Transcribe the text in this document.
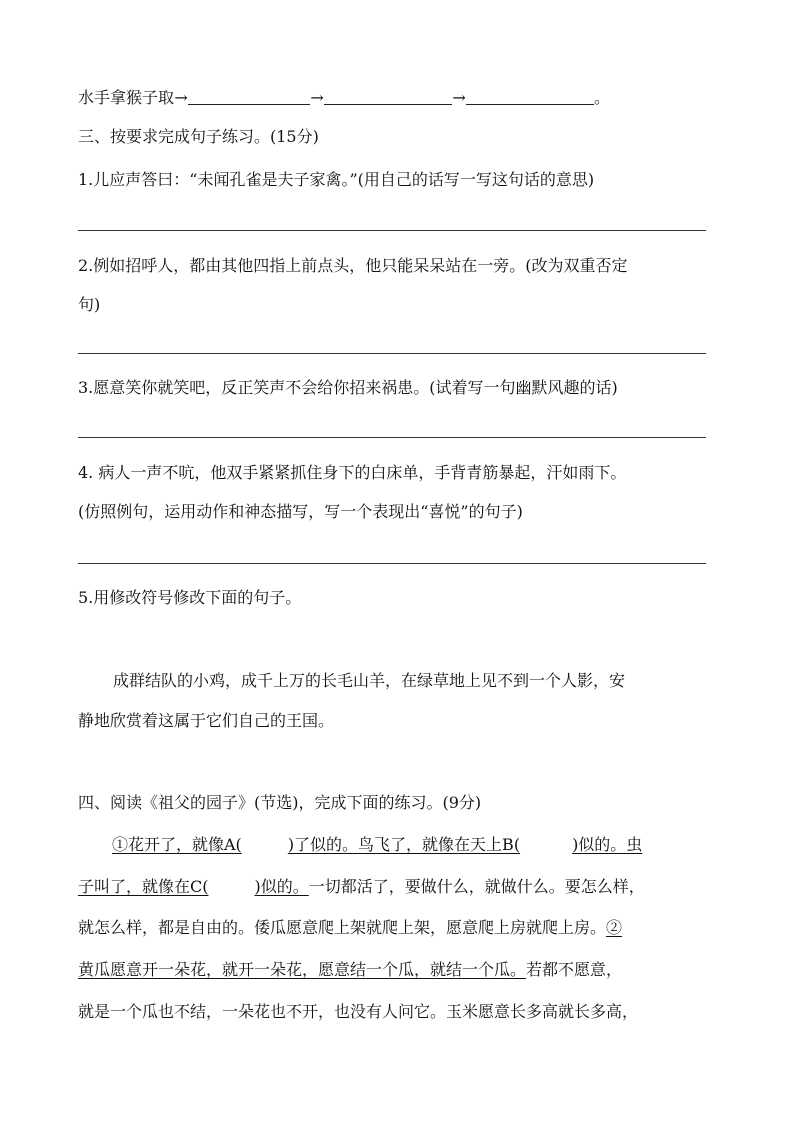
水手拿猴子取→	→	→	。
三、按要求完成句子练习。(15分)
1.儿应声答曰：“未闻孔雀是夫子家禽。”(用自己的话写一写这句话的意思)
2.例如招呼人，都由其他四指上前点头，他只能呆呆站在一旁。(改为双重否定
句)
3.愿意笑你就笑吧，反正笑声不会给你招来祸患。(试着写一句幽默风趣的话)
4. 病人一声不吭，他双手紧紧抓住身下的白床单，手背青筋暴起，汗如雨下。
(仿照例句，运用动作和神态描写，写一个表现出“喜悦”的句子)
5.用修改符号修改下面的句子。
成群结队的小鸡，成千上万的长毛山羊，在绿草地上见不到一个人影，安
静地欣赏着这属于它们自己的王国。
四、阅读《祖父的园子》(节选)，完成下面的练习。(9分)
①花开了，就像A(	)了似的。鸟飞了，就像在天上B(	)似的。虫
子叫了，就像在C(	)似的。一切都活了，要做什么，就做什么。要怎么样，
就怎么样，都是自由的。倭瓜愿意爬上架就爬上架，愿意爬上房就爬上房。②
黄瓜愿意开一朵花，就开一朵花，愿意结一个瓜，就结一个瓜。若都不愿意，
就是一个瓜也不结，一朵花也不开，也没有人问它。玉米愿意长多高就长多高，
